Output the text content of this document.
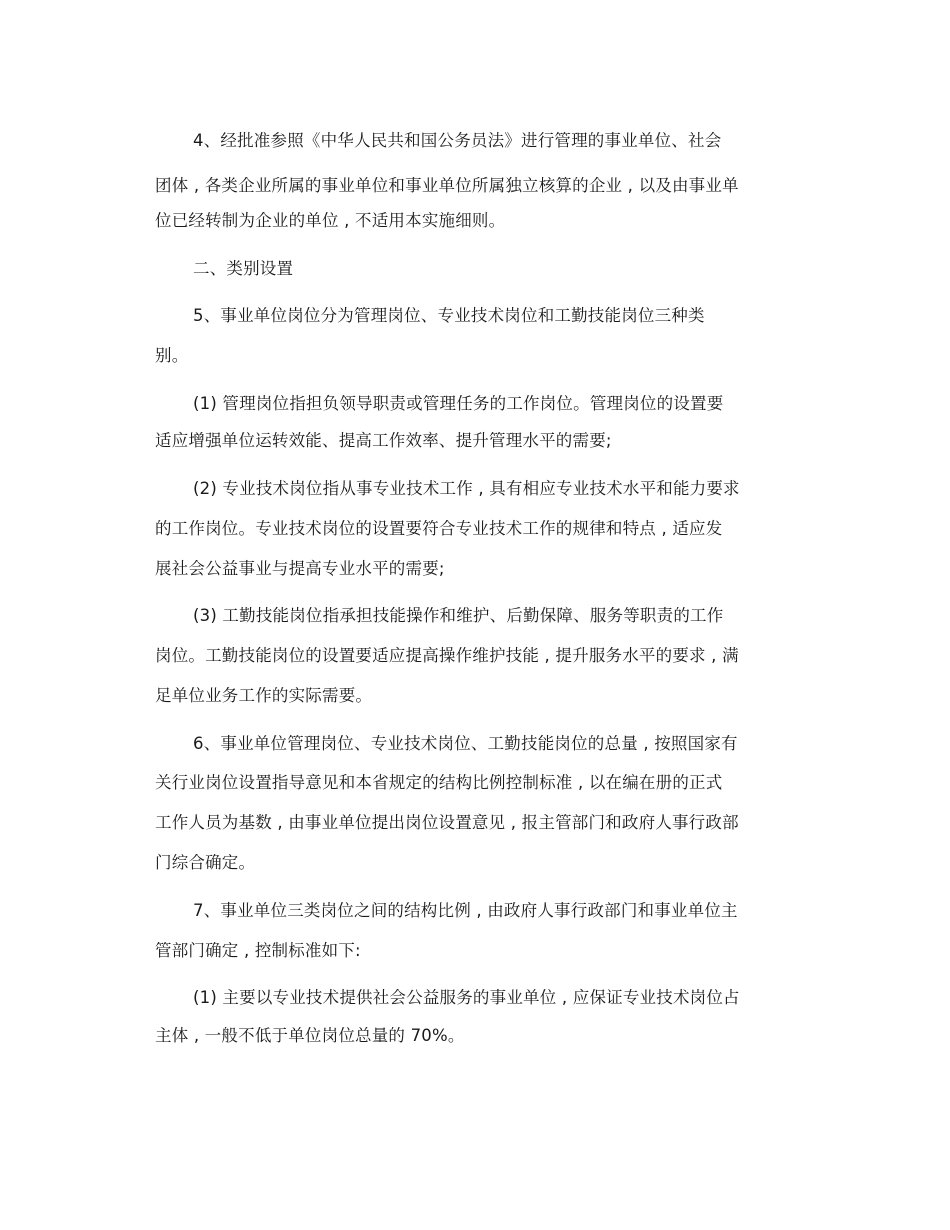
4、经批准参照《中华人民共和国公务员法》进行管理的事业单位、社会
团体 , 各类企业所属的事业单位和事业单位所属独立核算的企业 , 以及由事业单
位已经转制为企业的单位 , 不适用本实施细则。
二、类别设置
5、事业单位岗位分为管理岗位、专业技术岗位和工勤技能岗位三种类
别。
(1) 管理岗位指担负领导职责或管理任务的工作岗位。管理岗位的设置要
适应增强单位运转效能、提高工作效率、提升管理水平的需要;
(2) 专业技术岗位指从事专业技术工作 , 具有相应专业技术水平和能力要求
的工作岗位。专业技术岗位的设置要符合专业技术工作的规律和特点 , 适应发
展社会公益事业与提高专业水平的需要;
(3) 工勤技能岗位指承担技能操作和维护、后勤保障、服务等职责的工作
岗位。工勤技能岗位的设置要适应提高操作维护技能 , 提升服务水平的要求 , 满
足单位业务工作的实际需要。
6、事业单位管理岗位、专业技术岗位、工勤技能岗位的总量 , 按照国家有
关行业岗位设置指导意见和本省规定的结构比例控制标准 , 以在编在册的正式
工作人员为基数 , 由事业单位提出岗位设置意见 , 报主管部门和政府人事行政部
门综合确定。
7、事业单位三类岗位之间的结构比例 , 由政府人事行政部门和事业单位主
管部门确定 , 控制标准如下:
(1) 主要以专业技术提供社会公益服务的事业单位 , 应保证专业技术岗位占
主体 , 一般不低于单位岗位总量的 70%。
